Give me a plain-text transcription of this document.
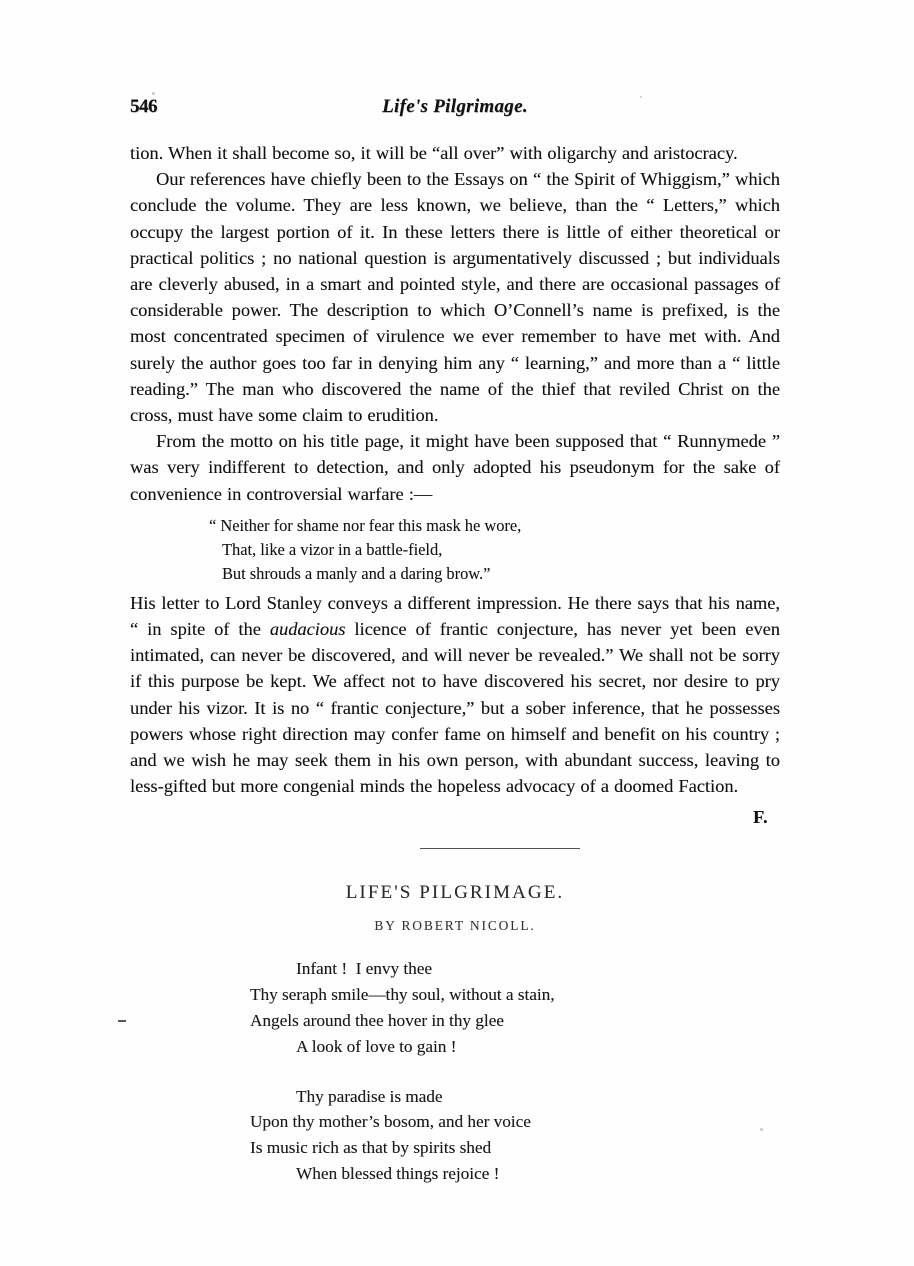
546	Life's Pilgrimage.

tion. When it shall become so, it will be “all over” with oligarchy and aristocracy.

Our references have chiefly been to the Essays on “ the Spirit of Whiggism,” which conclude the volume. They are less known, we believe, than the “ Letters,” which occupy the largest portion of it. In these letters there is little of either theoretical or practical politics ; no national question is argumentatively discussed ; but individuals are cleverly abused, in a smart and pointed style, and there are occasional passages of considerable power. The description to which O’Connell’s name is prefixed, is the most concentrated specimen of virulence we ever remember to have met with. And surely the author goes too far in denying him any “ learning,” and more than a “ little reading.” The man who discovered the name of the thief that reviled Christ on the cross, must have some claim to erudition.

From the motto on his title page, it might have been supposed that “ Runnymede ” was very indifferent to detection, and only adopted his pseudonym for the sake of convenience in controversial warfare :—

“ Neither for shame nor fear this mask he wore,
That, like a vizor in a battle-field,
But shrouds a manly and a daring brow.”

His letter to Lord Stanley conveys a different impression. He there says that his name, “ in spite of the audacious licence of frantic conjecture, has never yet been even intimated, can never be discovered, and will never be revealed.” We shall not be sorry if this purpose be kept. We affect not to have discovered his secret, nor desire to pry under his vizor. It is no “ frantic conjecture,” but a sober inference, that he possesses powers whose right direction may confer fame on himself and benefit on his country ; and we wish he may seek them in his own person, with abundant success, leaving to less-gifted but more congenial minds the hopeless advocacy of a doomed Faction.

F.
LIFE'S PILGRIMAGE.
BY ROBERT NICOLL.
Infant !  I envy thee
Thy seraph smile—thy soul, without a stain,
Angels around thee hover in thy glee
A look of love to gain !
Thy paradise is made
Upon thy mother’s bosom, and her voice
Is music rich as that by spirits shed
When blessed things rejoice !
